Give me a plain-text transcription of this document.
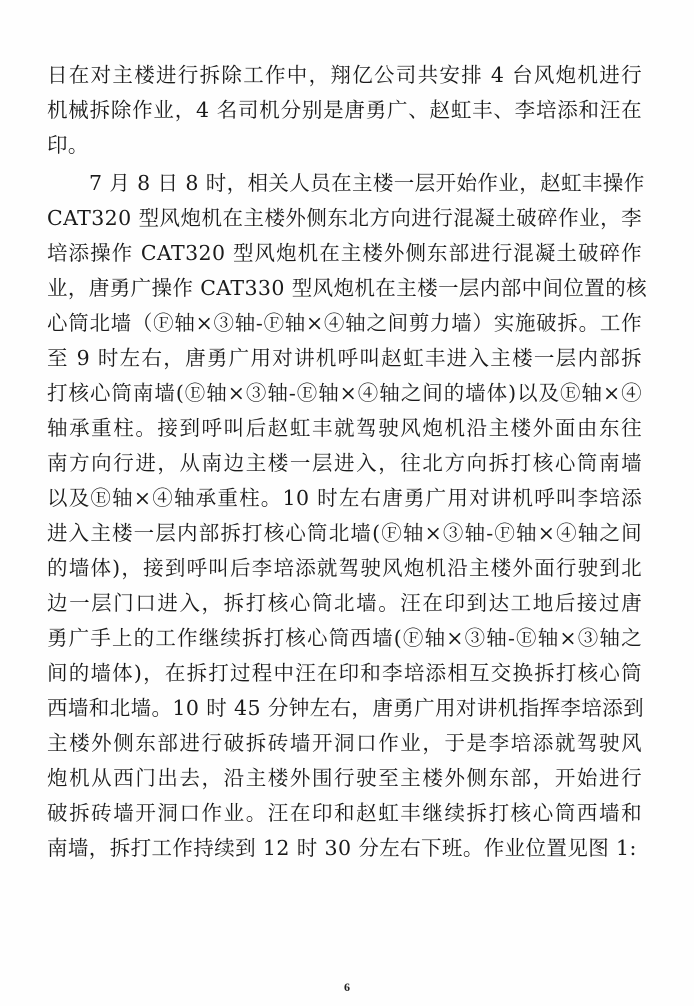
日在对主楼进行拆除工作中，翔亿公司共安排 4 台风炮机进行
机械拆除作业，4 名司机分别是唐勇广、赵虹丰、李培添和汪在
印。
7 月 8 日 8 时，相关人员在主楼一层开始作业，赵虹丰操作
CAT320 型风炮机在主楼外侧东北方向进行混凝土破碎作业，李
培添操作 CAT320 型风炮机在主楼外侧东部进行混凝土破碎作
业，唐勇广操作 CAT330 型风炮机在主楼一层内部中间位置的核
心筒北墙（Ⓕ轴×③轴-Ⓕ轴×④轴之间剪力墙）实施破拆。工作
至 9 时左右，唐勇广用对讲机呼叫赵虹丰进入主楼一层内部拆
打核心筒南墙(Ⓔ轴×③轴-Ⓔ轴×④轴之间的墙体)以及Ⓔ轴×④
轴承重柱。接到呼叫后赵虹丰就驾驶风炮机沿主楼外面由东往
南方向行进，从南边主楼一层进入，往北方向拆打核心筒南墙
以及Ⓔ轴×④轴承重柱。10 时左右唐勇广用对讲机呼叫李培添
进入主楼一层内部拆打核心筒北墙(Ⓕ轴×③轴-Ⓕ轴×④轴之间
的墙体)，接到呼叫后李培添就驾驶风炮机沿主楼外面行驶到北
边一层门口进入，拆打核心筒北墙。汪在印到达工地后接过唐
勇广手上的工作继续拆打核心筒西墙(Ⓕ轴×③轴-Ⓔ轴×③轴之
间的墙体)，在拆打过程中汪在印和李培添相互交换拆打核心筒
西墙和北墙。10 时 45 分钟左右，唐勇广用对讲机指挥李培添到
主楼外侧东部进行破拆砖墙开洞口作业，于是李培添就驾驶风
炮机从西门出去，沿主楼外围行驶至主楼外侧东部，开始进行
破拆砖墙开洞口作业。汪在印和赵虹丰继续拆打核心筒西墙和
南墙，拆打工作持续到 12 时 30 分左右下班。作业位置见图 1:
6
